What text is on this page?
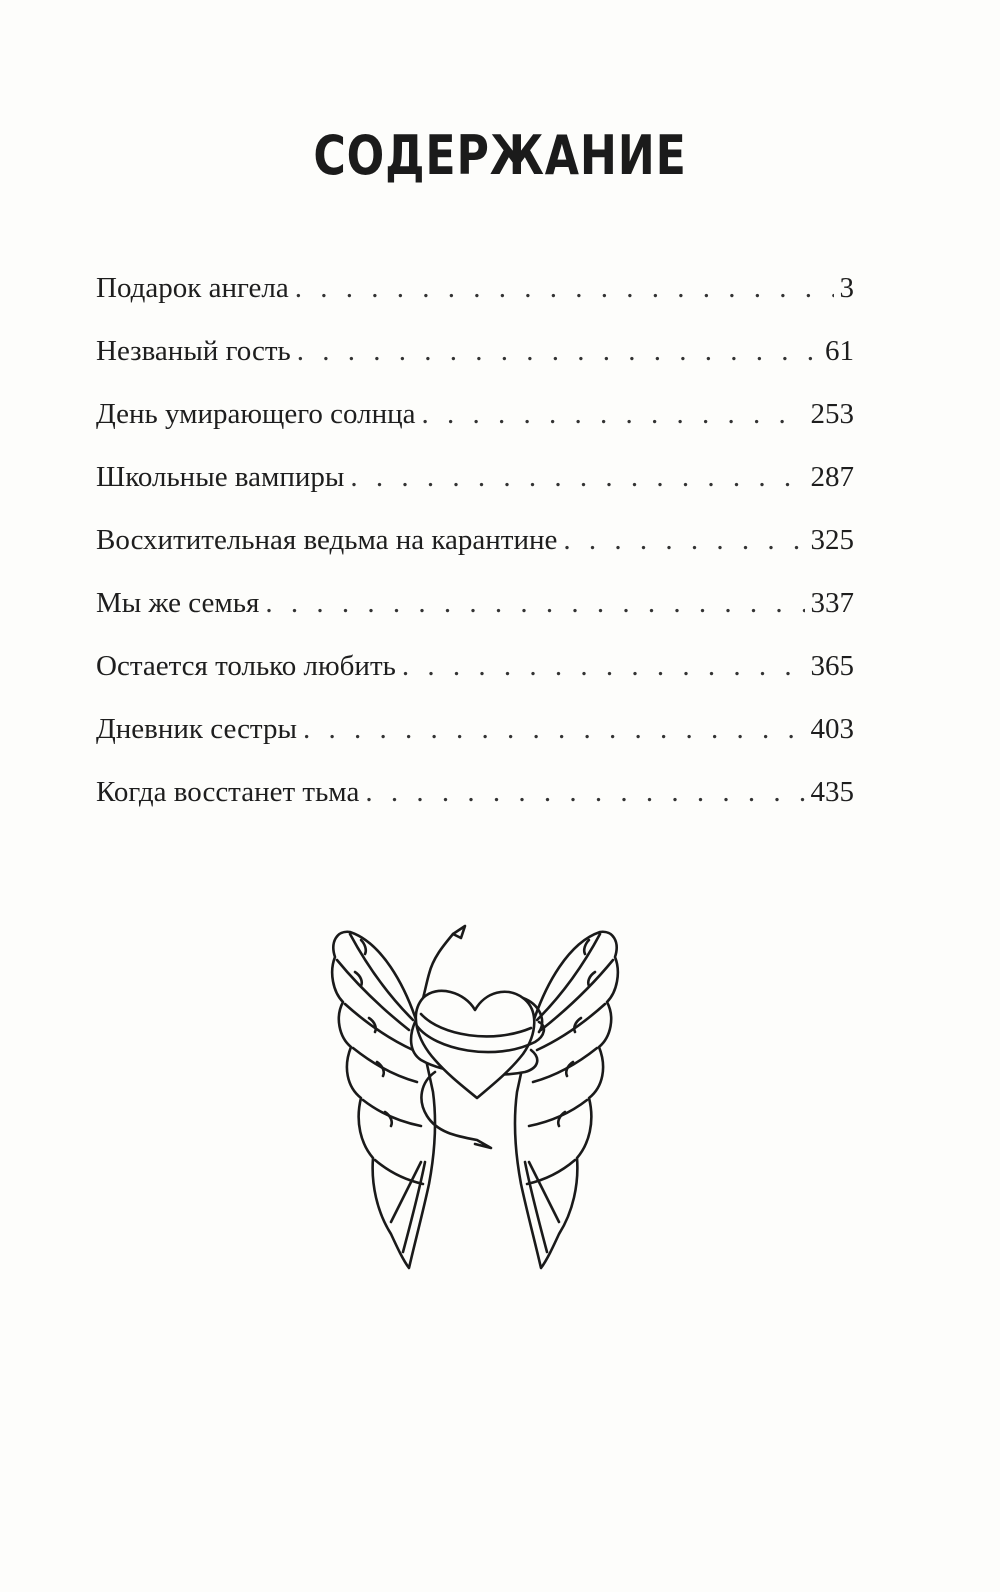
СОДЕРЖАНИЕ
Подарок ангела . . .	3
Незваный гость . . .	61
День умирающего солнца . . .	253
Школьные вампиры . . .	287
Восхитительная ведьма на карантине . . .	325
Мы же семья . . .	337
Остается только любить . . .	365
Дневник сестры . . .	403
Когда восстанет тьма . . .	435
